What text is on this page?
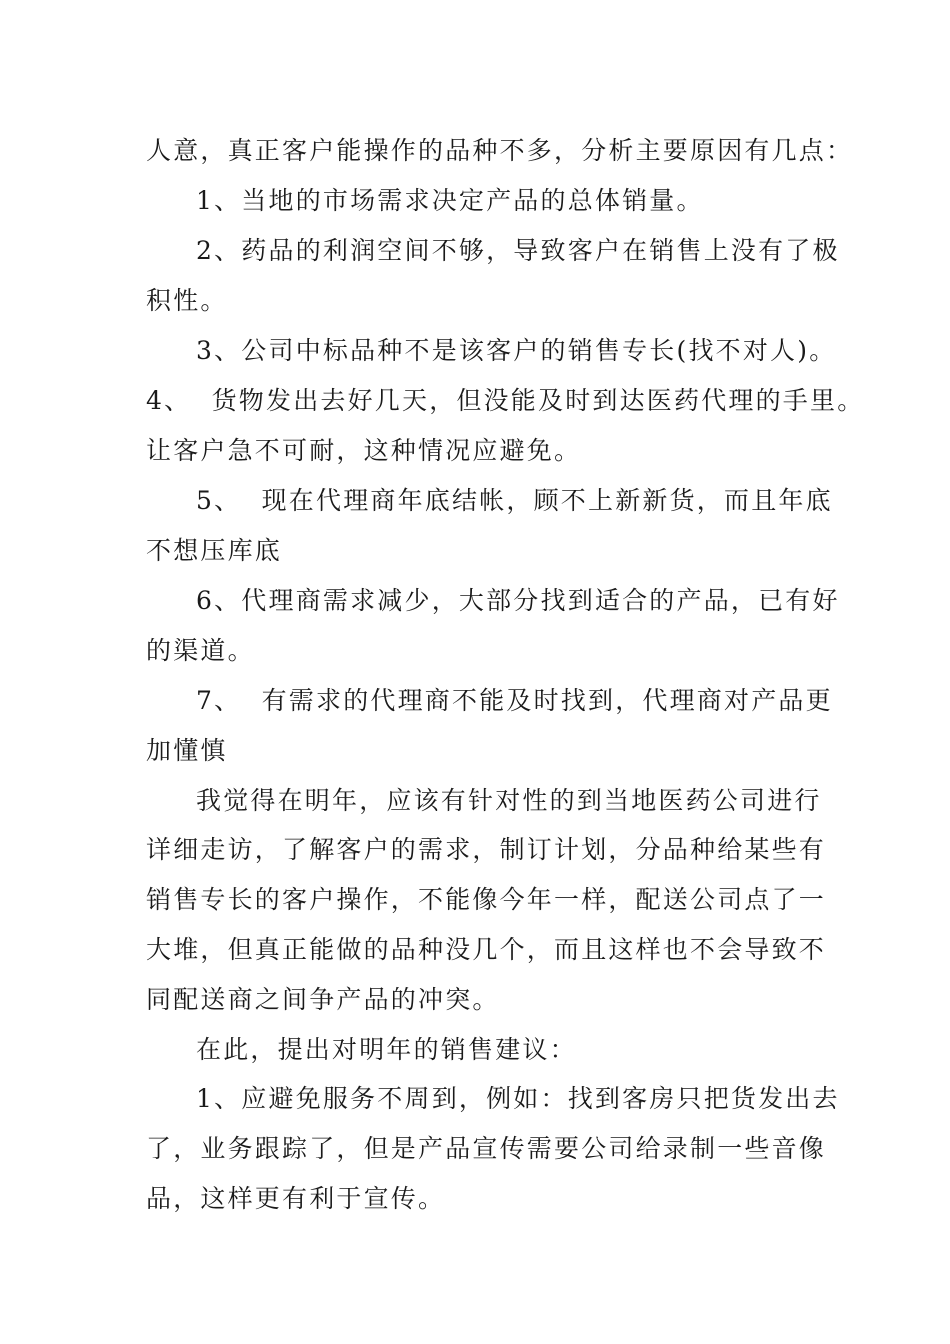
人意，真正客户能操作的品种不多，分析主要原因有几点：
1、当地的市场需求决定产品的总体销量。
2、药品的利润空间不够，导致客户在销售上没有了极
积性。
3、公司中标品种不是该客户的销售专长(找不对人)。
4、  货物发出去好几天，但没能及时到达医药代理的手里。
让客户急不可耐，这种情况应避免。
5、  现在代理商年底结帐，顾不上新新货，而且年底
不想压库底
6、代理商需求减少，大部分找到适合的产品，已有好
的渠道。
7、  有需求的代理商不能及时找到，代理商对产品更
加懂慎
我觉得在明年，应该有针对性的到当地医药公司进行
详细走访，了解客户的需求，制订计划，分品种给某些有
销售专长的客户操作，不能像今年一样，配送公司点了一
大堆，但真正能做的品种没几个，而且这样也不会导致不
同配送商之间争产品的冲突。
在此，提出对明年的销售建议：
1、应避免服务不周到，例如：找到客房只把货发出去
了，业务跟踪了，但是产品宣传需要公司给录制一些音像
品，这样更有利于宣传。
